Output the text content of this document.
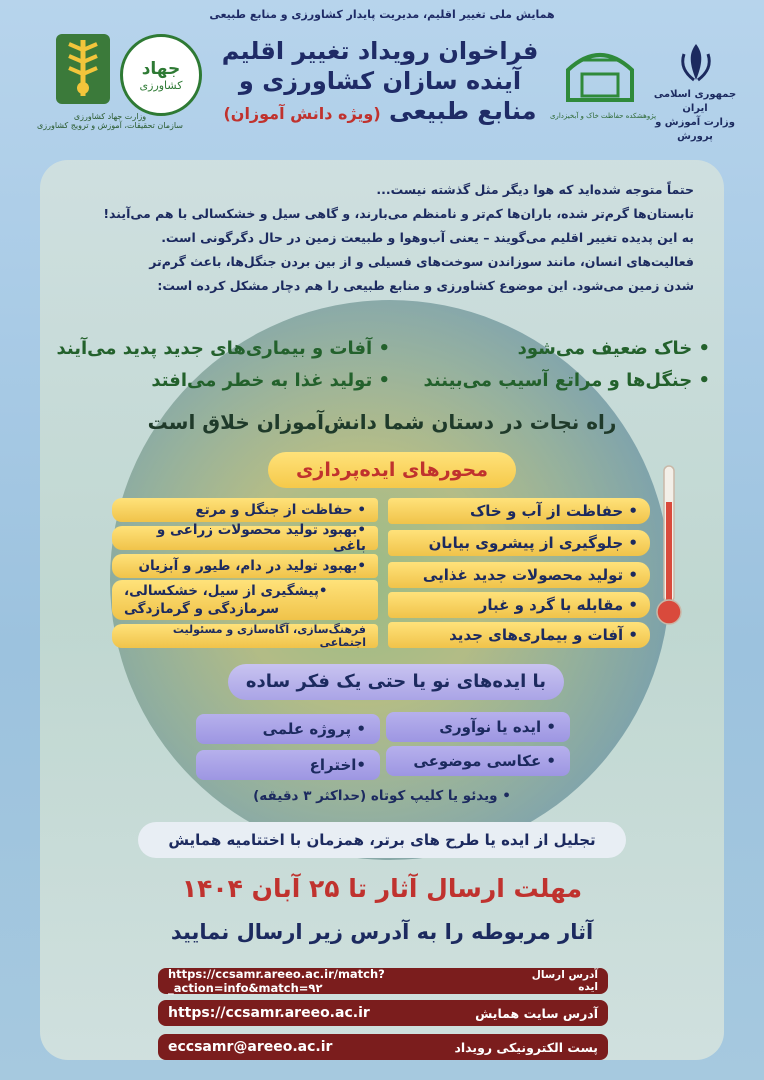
همایش ملی تغییر اقلیم، مدیریت پایدار کشاورزی و منابع طبیعی
وزارت جهاد کشاورزی
سازمان تحقیقات، آموزش و ترویج کشاورزی
جهاد
کشاورزی
فراخوان رویداد تغییر اقلیم
آینده سازان کشاورزی و
منابع طبیعی (ویژه دانش آموزان)	پژوهشکده حفاظت خاک و آبخیزداری
جمهوری اسلامی ایران
وزارت آموزش و پرورش
حتماً متوجه شده‌اید که هوا دیگر مثل گذشته نیست...
تابستان‌ها گرم‌تر شده، باران‌ها کم‌تر و نامنظم می‌بارند، و گاهی سیل و خشکسالی با هم می‌آیند!
به این پدیده تغییر اقلیم می‌گویند – یعنی آب‌وهوا و طبیعت زمین در حال دگرگونی است.
فعالیت‌های انسان، مانند سوزاندن سوخت‌های فسیلی و از بین بردن جنگل‌ها، باعث گرم‌تر
شدن زمین می‌شود. این موضوع کشاورزی و منابع طبیعی را هم دچار مشکل کرده است:
• خاک ضعیف می‌شود
• آفات و بیماری‌های جدید پدید می‌آیند
• جنگل‌ها و مراتع آسیب می‌بینند
• تولید غذا به خطر می‌افتد
راه نجات در دستان شما دانش‌آموزان خلاق است
محورهای ایده‌پردازی
• حفاظت از آب و خاک
• جلوگیری از پیشروی بیابان
• تولید محصولات جدید غذایی
• مقابله با گرد و غبار
• آفات و بیماری‌های جدید
• حفاظت از جنگل و مرتع
•بهبود تولید محصولات زراعی و باغی
•بهبود تولید در دام، طیور و آبزیان
•پیشگیری از سیل، خشکسالی،
سرمازدگی و گرمازدگی
فرهنگ‌سازی، آگاه‌سازی و مسئولیت اجتماعی
با ایده‌های نو یا حتی یک فکر ساده
• ایده یا نوآوری
• پروژه علمی
• عکاسی موضوعی
•اختراع
• ویدئو یا کلیپ کوتاه (حداکثر ۳ دقیقه)
تجلیل از ایده یا طرح های برتر، همزمان با اختتامیه همایش
مهلت ارسال آثار تا ۲۵ آبان ۱۴۰۴
آثار مربوطه را به آدرس زیر ارسال نمایید
https://ccsamr.areeo.ac.ir/match?_action=info&match=۹۲
آدرس ارسال ایده
https://ccsamr.areeo.ac.ir	آدرس سایت همایش
eccsamr@areeo.ac.ir	پست الکترونیکی رویداد
